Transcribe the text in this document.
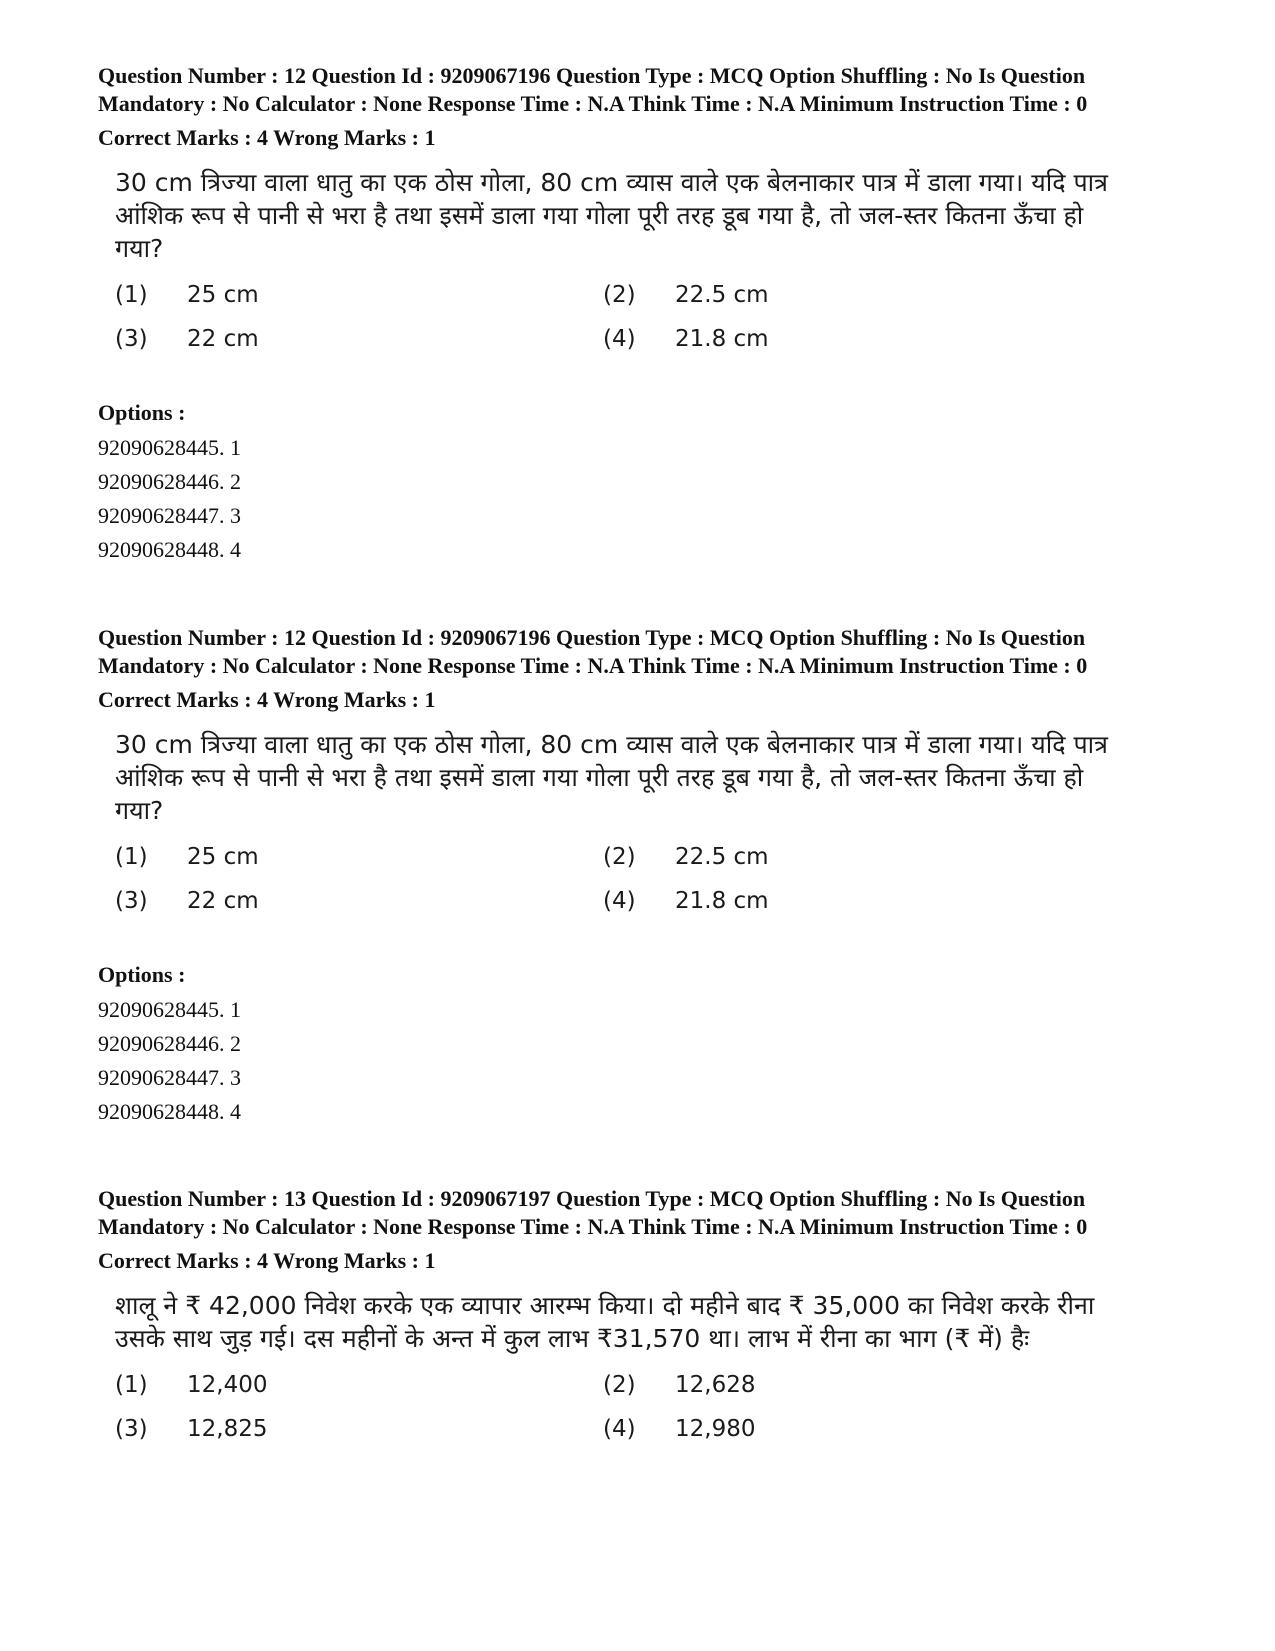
Question Number : 12 Question Id : 9209067196 Question Type : MCQ Option Shuffling : No Is Question Mandatory : No Calculator : None Response Time : N.A Think Time : N.A Minimum Instruction Time : 0
Correct Marks : 4 Wrong Marks : 1
30 cm त्रिज्या वाला धातु का एक ठोस गोला, 80 cm व्यास वाले एक बेलनाकार पात्र में डाला गया। यदि पात्र आंशिक रूप से पानी से भरा है तथा इसमें डाला गया गोला पूरी तरह डूब गया है, तो जल-स्तर कितना ऊँचा हो गया?
(1) 25 cm	(2) 22.5 cm
(3) 22 cm	(4) 21.8 cm
Options :
92090628445. 1
92090628446. 2
92090628447. 3
92090628448. 4
Question Number : 12 Question Id : 9209067196 Question Type : MCQ Option Shuffling : No Is Question Mandatory : No Calculator : None Response Time : N.A Think Time : N.A Minimum Instruction Time : 0
Correct Marks : 4 Wrong Marks : 1
30 cm त्रिज्या वाला धातु का एक ठोस गोला, 80 cm व्यास वाले एक बेलनाकार पात्र में डाला गया। यदि पात्र आंशिक रूप से पानी से भरा है तथा इसमें डाला गया गोला पूरी तरह डूब गया है, तो जल-स्तर कितना ऊँचा हो गया?
(1) 25 cm	(2) 22.5 cm
(3) 22 cm	(4) 21.8 cm
Options :
92090628445. 1
92090628446. 2
92090628447. 3
92090628448. 4
Question Number : 13 Question Id : 9209067197 Question Type : MCQ Option Shuffling : No Is Question Mandatory : No Calculator : None Response Time : N.A Think Time : N.A Minimum Instruction Time : 0
Correct Marks : 4 Wrong Marks : 1
शालू ने ₹ 42,000 निवेश करके एक व्यापार आरम्भ किया। दो महीने बाद ₹ 35,000 का निवेश करके रीना उसके साथ जुड़ गई। दस महीनों के अन्त में कुल लाभ ₹31,570 था। लाभ में रीना का भाग (₹ में) हैः
(1) 12,400	(2) 12,628
(3) 12,825	(4) 12,980
